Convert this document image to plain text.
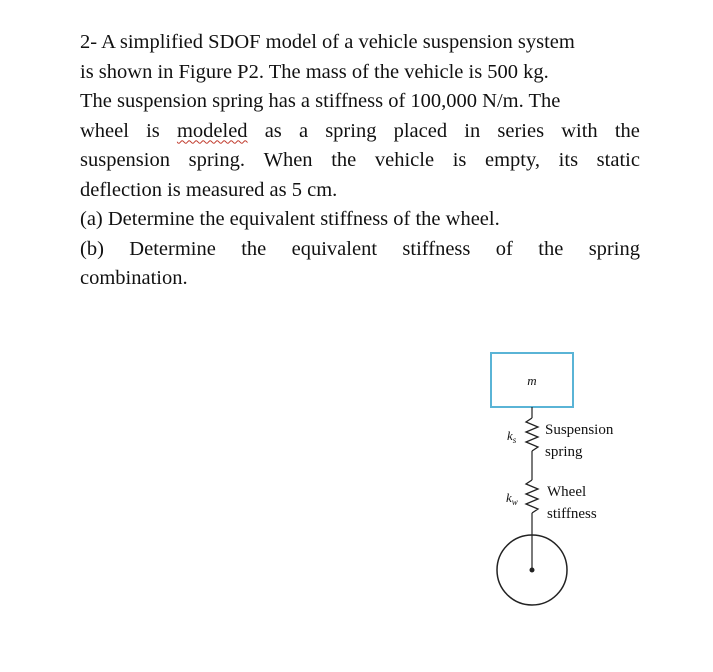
2- A simplified SDOF model of a vehicle suspension system
is shown in Figure P2. The mass of the vehicle is 500 kg.
The suspension spring has a stiffness of 100,000 N/m. The
wheel is modeled as a spring placed in series with the
suspension spring. When the vehicle is empty, its static
deflection is measured as 5 cm.
(a) Determine the equivalent stiffness of the wheel.
(b) Determine the equivalent stiffness of the spring
combination.
m
$k_s$
$k_w$
Suspension
spring
Wheel
stiffness
